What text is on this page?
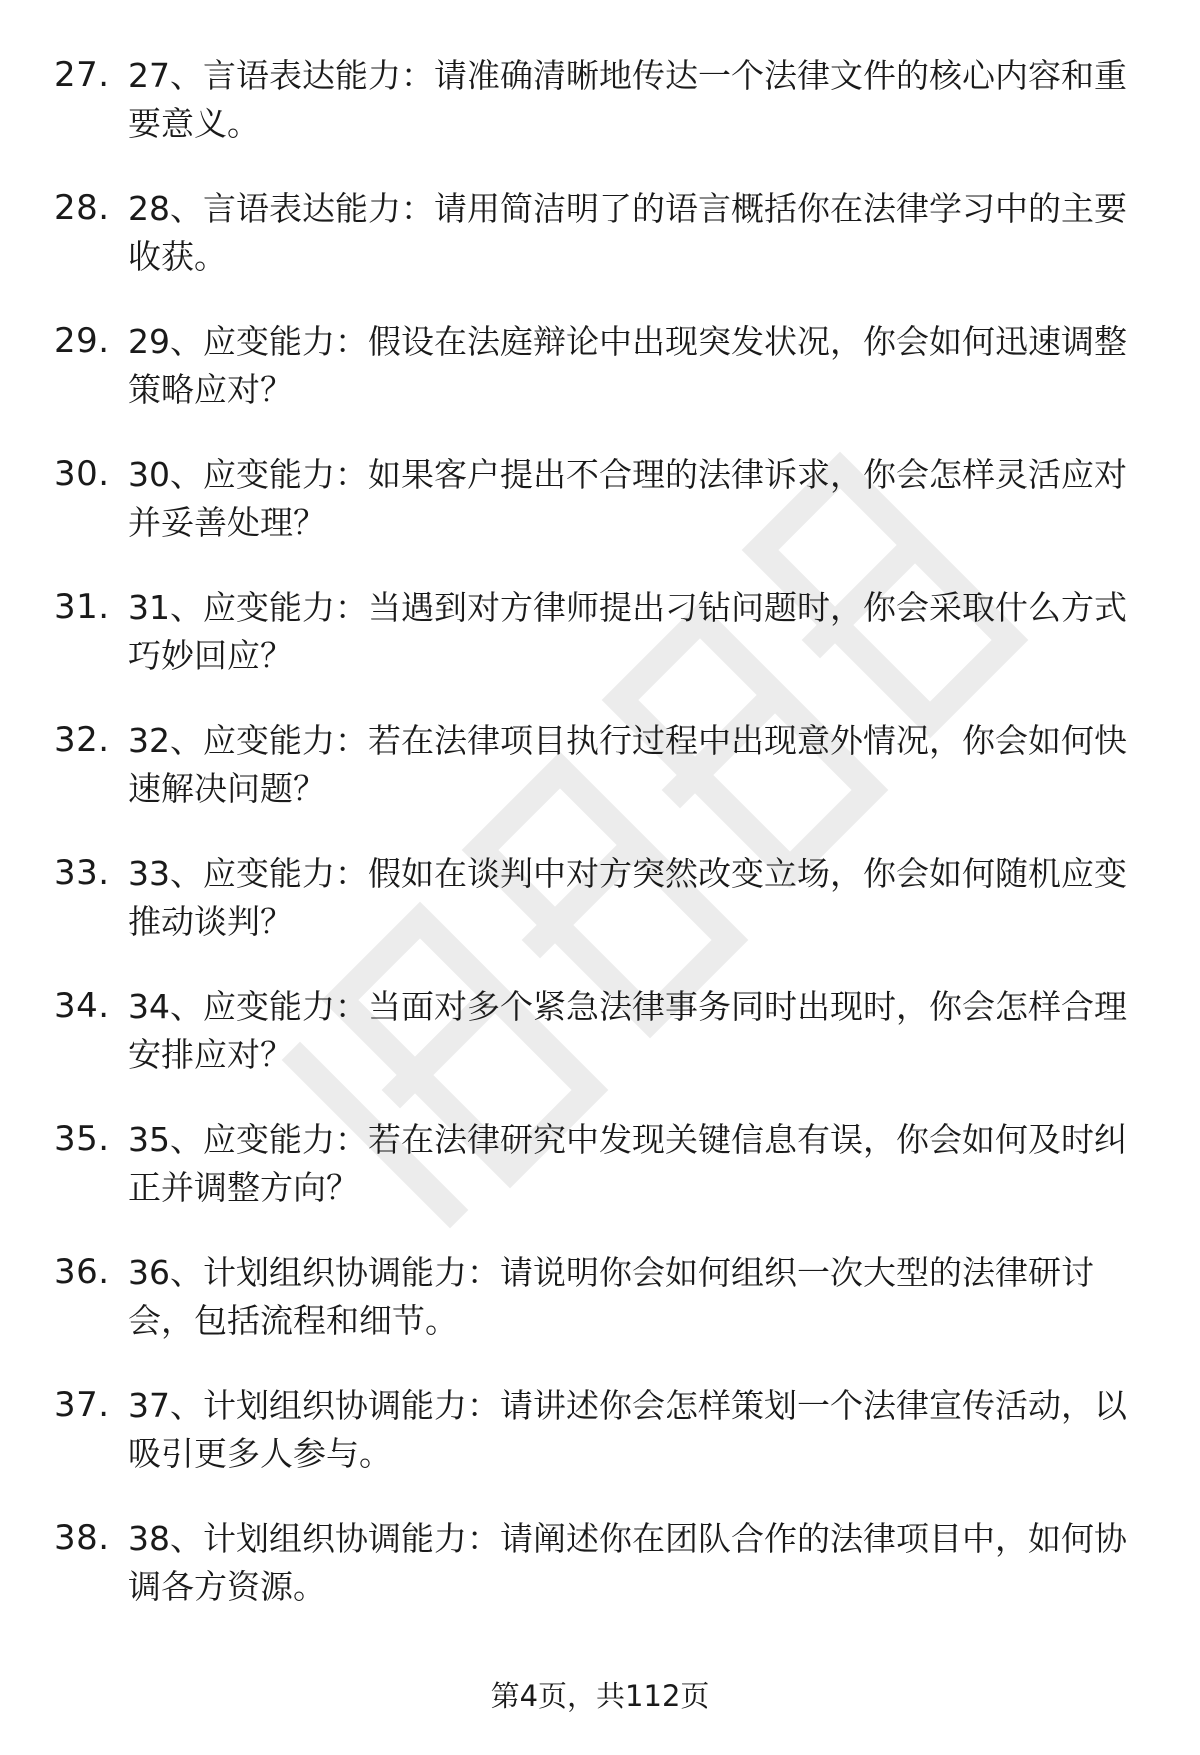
27. 27、言语表达能力：请准确清晰地传达一个法律文件的核心内容和重要意义。
28. 28、言语表达能力：请用简洁明了的语言概括你在法律学习中的主要收获。
29. 29、应变能力：假设在法庭辩论中出现突发状况，你会如何迅速调整策略应对？
30. 30、应变能力：如果客户提出不合理的法律诉求，你会怎样灵活应对并妥善处理？
31. 31、应变能力：当遇到对方律师提出刁钻问题时，你会采取什么方式巧妙回应？
32. 32、应变能力：若在法律项目执行过程中出现意外情况，你会如何快速解决问题？
33. 33、应变能力：假如在谈判中对方突然改变立场，你会如何随机应变推动谈判？
34. 34、应变能力：当面对多个紧急法律事务同时出现时，你会怎样合理安排应对？
35. 35、应变能力：若在法律研究中发现关键信息有误，你会如何及时纠正并调整方向？
36. 36、计划组织协调能力：请说明你会如何组织一次大型的法律研讨会，包括流程和细节。
37. 37、计划组织协调能力：请讲述你会怎样策划一个法律宣传活动，以吸引更多人参与。
38. 38、计划组织协调能力：请阐述你在团队合作的法律项目中，如何协调各方资源。
第4页，共112页
